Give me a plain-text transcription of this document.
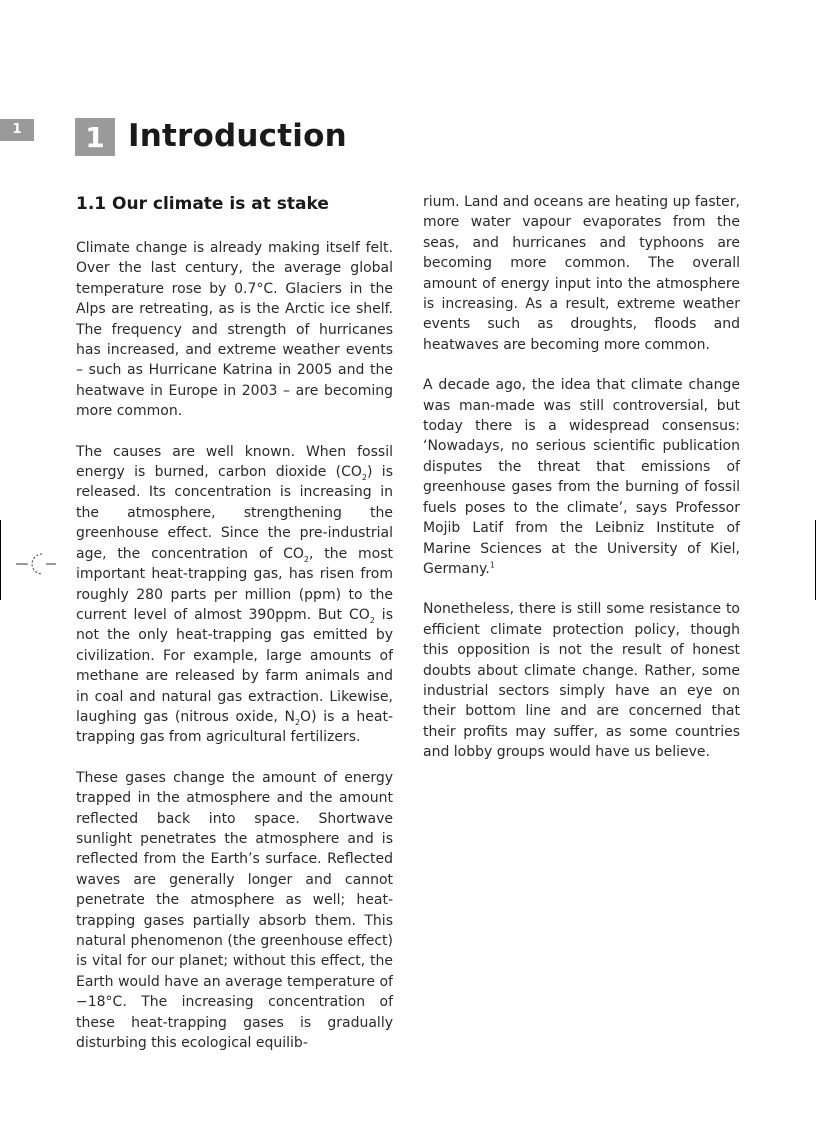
1	1 Introduction
1.1 Our climate is at stake

Climate change is already making itself felt. Over the last century, the average global temperature rose by 0.7°C. Glaciers in the Alps are retreating, as is the Arctic ice shelf. The frequency and strength of hurricanes has increased, and extreme weather events – such as Hurricane Katrina in 2005 and the heatwave in Europe in 2003 – are becoming more common.

The causes are well known. When fossil energy is burned, carbon dioxide $(CO_2)$ is released. Its concentration is increasing in the atmosphere, strengthening the greenhouse effect. Since the pre-industrial age, the concentration of $CO_2$, the most important heat-trapping gas, has risen from roughly 280 parts per million (ppm) to the current level of almost 390ppm. But $CO_2$ is not the only heat-trapping gas emitted by civilization. For example, large amounts of methane are released by farm animals and in coal and natural gas extraction. Likewise, laughing gas (nitrous oxide, $N_2O$) is a heat-trapping gas from agricultural fertilizers.

These gases change the amount of energy trapped in the atmosphere and the amount reflected back into space. Shortwave sunlight penetrates the atmosphere and is reflected from the Earth’s surface. Reflected waves are generally longer and cannot penetrate the atmosphere as well; heat-trapping gases partially absorb them. This natural phenomenon (the greenhouse effect) is vital for our planet; without this effect, the Earth would have an average temperature of −18°C. The increasing concentration of these heat-trapping gases is gradually disturbing this ecological equilib-

rium. Land and oceans are heating up faster, more water vapour evaporates from the seas, and hurricanes and typhoons are becoming more common. The overall amount of energy input into the atmosphere is increasing. As a result, extreme weather events such as droughts, floods and heatwaves are becoming more common.

A decade ago, the idea that climate change was man-made was still controversial, but today there is a widespread consensus: ‘Nowadays, no serious scientific publication disputes the threat that emissions of greenhouse gases from the burning of fossil fuels poses to the climate’, says Professor Mojib Latif from the Leibniz Institute of Marine Sciences at the University of Kiel, Germany.$^1$

Nonetheless, there is still some resistance to efficient climate protection policy, though this opposition is not the result of honest doubts about climate change. Rather, some industrial sectors simply have an eye on their bottom line and are concerned that their profits may suffer, as some countries and lobby groups would have us believe.
